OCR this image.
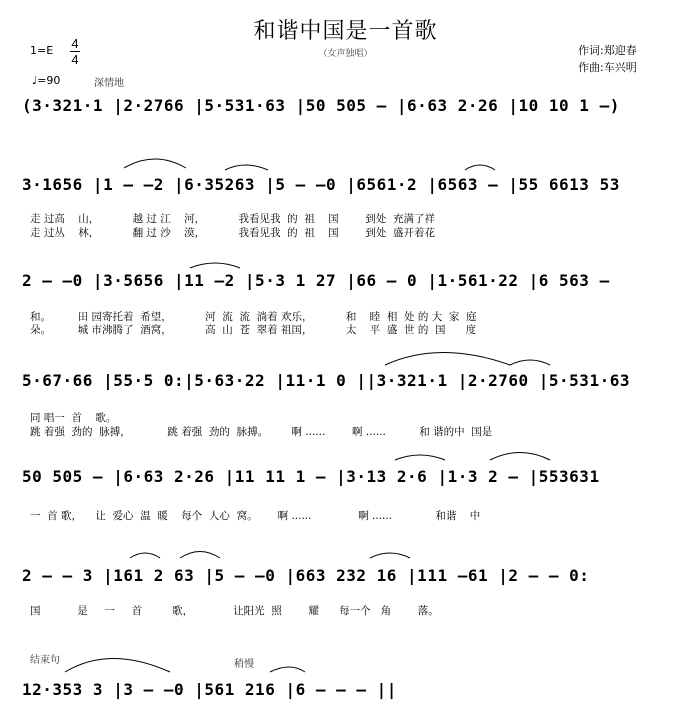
和谐中国是一首歌
（女声独唱）
1=E 4
4
♩=90	深情地
作词:郑迎春
作曲:车兴明
(3·321·1 |2·2766 |5·531·63 |50 505 — |6·63 2·26 |10 10 1 —)
3·1656 |1 — —2 |6·35263 |5 — —0 |6561·2 |6563 — |55 6613 53
走 过高    山，          越 过 江    河，          我看见我  的  祖    国        到处  充满了祥
走 过丛    林，          翻 过 沙    漠，          我看见我  的  祖    国        到处  盛开着花
2 — —0 |3·5656 |11 —2 |5·3 1 27 |66 — 0 |1·561·22 |6 563 —
和。        田 园寄托着  希望，          河  流  流  淌着 欢乐，          和    睦  相  处 的 大  家  庭
朵。        城 市沸腾了  酒窝，          高  山  苍  翠着 祖国，          太    平  盛  世 的  国      度
5·67·66 |55·5 0:|5·63·22 |11·1 0 ||3·321·1 |2·2760 |5·531·63
同 唱一  首    歌。
跳 着强  劲的  脉搏，           跳 着强  劲的  脉搏。       啊 ......        啊 ......          和 谐的中  国是
50 505 — |6·63 2·26 |11 11 1 — |3·13 2·6 |1·3 2 — |553631
一  首 歌，    让  爱心  温  暖    每个  人心  窝。      啊 ......              啊 ......             和谐    中
2 — — 3 |161 2 63 |5 — —0 |663 232 16 |111 —61 |2 — — 0:
国           是     一     首         歌，            让阳光  照        耀      每一个   角        落。
结束句	稍慢
12·353 3 |3 — —0 |561 216 |6 — — — ||
